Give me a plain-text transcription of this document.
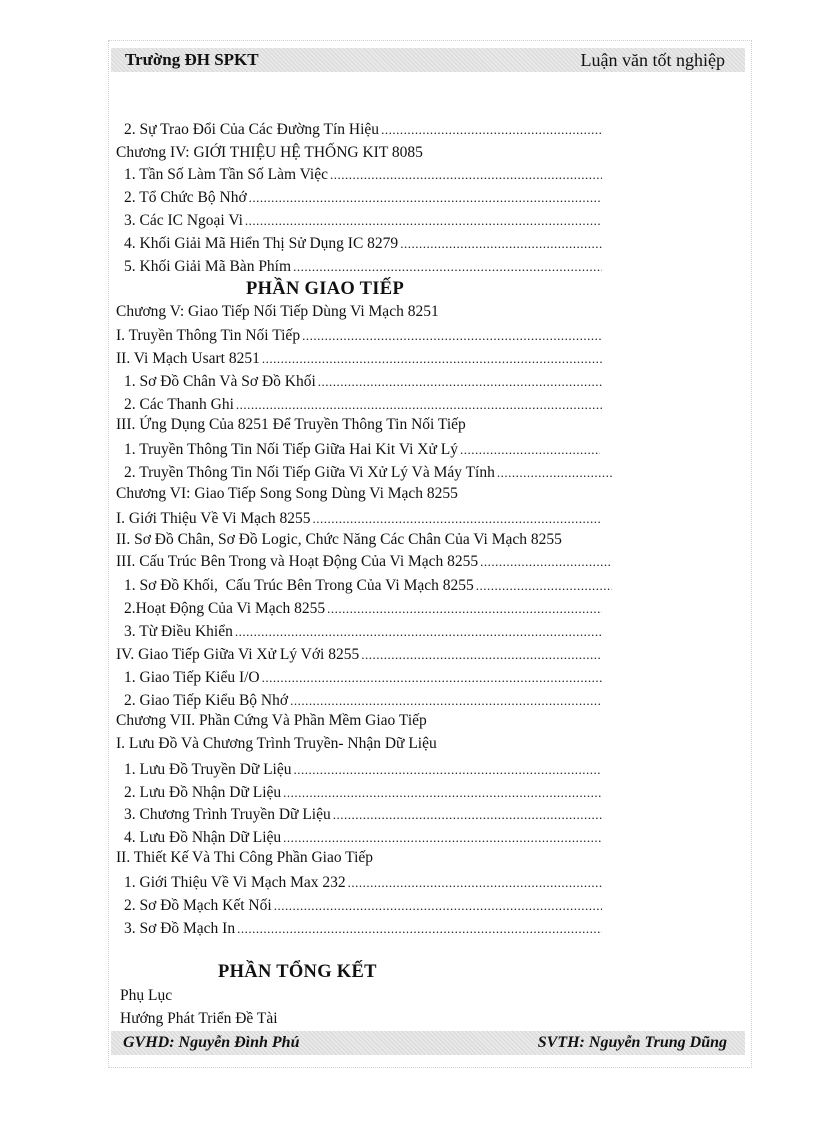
Trường ĐH SPKT	Luận văn tốt nghiệp
2. Sự Trao Đổi Của Các Đường Tín Hiệu
.....
Chương IV: GIỚI THIỆU HỆ THỐNG KIT 8085
1. Tần Số Làm Tần Số Làm Việc
.....
2. Tổ Chức Bộ Nhớ
.....
3. Các IC Ngoại Vi
.....
4. Khối Giải Mã Hiển Thị Sử Dụng IC 8279
.....
5. Khối Giải Mã Bàn Phím
.....
PHẦN GIAO TIẾP
Chương V: Giao Tiếp Nối Tiếp Dùng Vi Mạch 8251
I. Truyền Thông Tin Nối Tiếp
.....
II. Vi Mạch Usart 8251
.....
1. Sơ Đồ Chân Và Sơ Đồ Khối
.....
2. Các Thanh Ghi
.....
III. Ứng Dụng Của 8251 Để Truyền Thông Tin Nối Tiếp
1. Truyền Thông Tin Nối Tiếp Giữa Hai Kit Vi Xử Lý
.....
2. Truyền Thông Tin Nối Tiếp Giữa Vi Xử Lý Và Máy Tính
.....
Chương VI: Giao Tiếp Song Song Dùng Vi Mạch 8255
I. Giới Thiệu Về Vi Mạch 8255
.....
II. Sơ Đồ Chân, Sơ Đồ Logic, Chức Năng Các Chân Của Vi Mạch 8255
III. Cấu Trúc Bên Trong và Hoạt Động Của Vi Mạch 8255
.....
1. Sơ Đồ Khối,  Cấu Trúc Bên Trong Của Vi Mạch 8255
.....
2.Hoạt Động Của Vi Mạch 8255
.....
3. Từ Điều Khiển
.....
IV. Giao Tiếp Giữa Vi Xử Lý Với 8255
.....
1. Giao Tiếp Kiểu I/O
.....
2. Giao Tiếp Kiểu Bộ Nhớ
.....
Chương VII. Phần Cứng Và Phần Mềm Giao Tiếp
I. Lưu Đồ Và Chương Trình Truyền- Nhận Dữ Liệu
1. Lưu Đồ Truyền Dữ Liệu
.....
2. Lưu Đồ Nhận Dữ Liệu
.....
3. Chương Trình Truyền Dữ Liệu
.....
4. Lưu Đồ Nhận Dữ Liệu
.....
II. Thiết Kế Và Thi Công Phần Giao Tiếp
1. Giới Thiệu Về Vi Mạch Max 232
.....
2. Sơ Đồ Mạch Kết Nối
.....
3. Sơ Đồ Mạch In
.....
PHẦN TỔNG KẾT
Phụ Lục
Hướng Phát Triển Đề Tài
GVHD: Nguyễn Đình Phú	SVTH: Nguyễn Trung Dũng
